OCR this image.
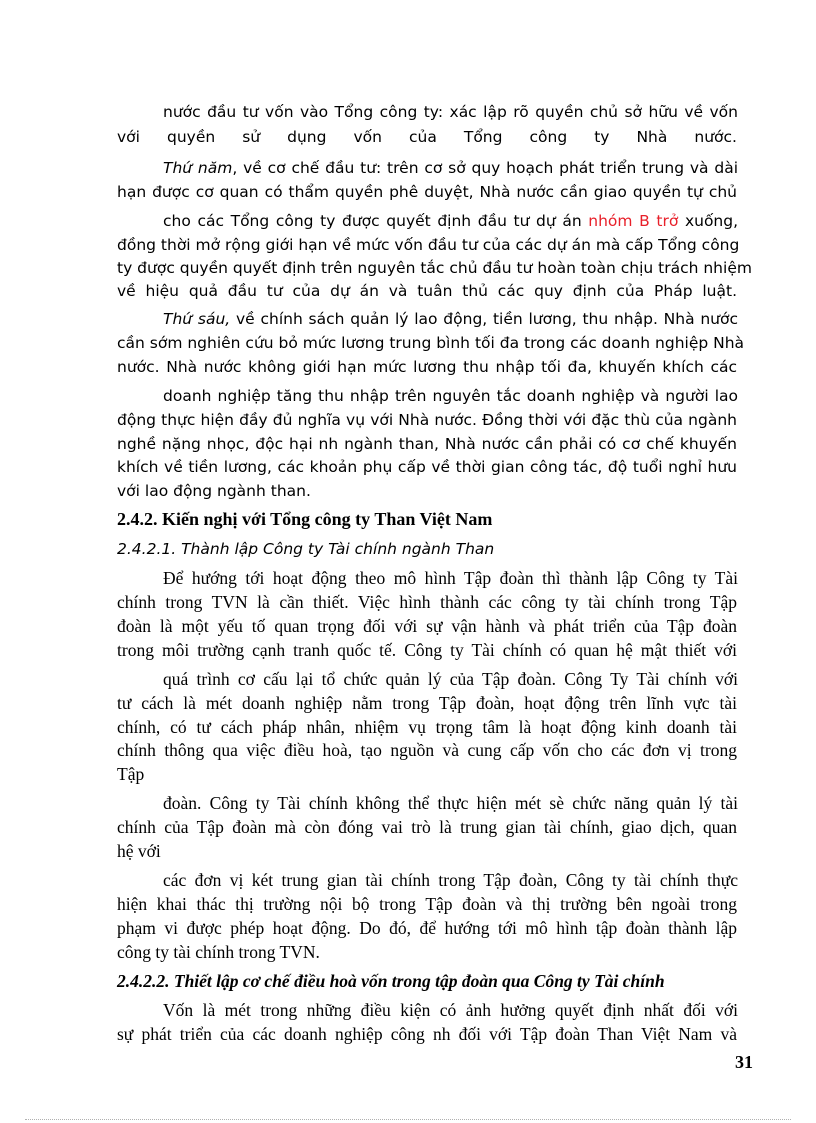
nước đầu tư vốn vào Tổng công ty: xác lập rõ quyền chủ sở hữu về vốn

với quyền sử dụng vốn của Tổng công ty Nhà nước.

Thứ năm, về cơ chế đầu tư: trên cơ sở quy hoạch phát triển trung và dài

hạn được cơ quan có thẩm quyền phê duyệt, Nhà nước cần giao quyền tự chủ

cho các Tổng công ty được quyết định đầu tư dự án nhóm B trở xuống,

đồng thời mở rộng giới hạn về mức vốn đầu tư của các dự án mà cấp Tổng công

ty được quyền quyết định trên nguyên tắc chủ đầu tư hoàn toàn chịu trách nhiệm

về hiệu quả đầu tư của dự án và tuân thủ các quy định của Pháp luật.

Thứ sáu, về chính sách quản lý lao động, tiền lương, thu nhập. Nhà nước

cần sớm nghiên cứu bỏ mức lương trung bình tối đa trong các doanh nghiệp Nhà

nước. Nhà nước không giới hạn mức lương thu nhập tối đa, khuyến khích các

doanh nghiệp tăng thu nhập trên nguyên tắc doanh nghiệp và người lao

động thực hiện đầy đủ nghĩa vụ với Nhà nước. Đồng thời với đặc thù của ngành

nghề nặng nhọc, độc hại nh ngành than, Nhà nước cần phải có cơ chế khuyến

khích về tiền lương, các khoản phụ cấp về thời gian công tác, độ tuổi nghỉ hưu

với lao động ngành than.

2.4.2. Kiến nghị với Tổng công ty Than Việt Nam

2.4.2.1. Thành lập Công ty Tài chính ngành Than

Để hướng tới hoạt động theo mô hình Tập đoàn thì thành lập Công ty Tài

chính trong TVN là cần thiết. Việc hình thành các công ty tài chính trong Tập

đoàn là một yếu tố quan trọng đối với sự vận hành và phát triển của Tập đoàn

trong môi trường cạnh tranh quốc tế. Công ty Tài chính có quan hệ mật thiết với

quá trình cơ cấu lại tổ chức quản lý của Tập đoàn. Công Ty Tài chính với

tư cách là mét doanh nghiệp nằm trong Tập đoàn, hoạt động trên lĩnh vực tài

chính, có tư cách pháp nhân, nhiệm vụ trọng tâm là hoạt động kinh doanh tài

chính thông qua việc điều hoà, tạo nguồn và cung cấp vốn cho các đơn vị trong

Tập

đoàn. Công ty Tài chính không thể thực hiện mét sè chức năng quản lý tài

chính của Tập đoàn mà còn đóng vai trò là trung gian tài chính, giao dịch, quan

hệ với

các đơn vị két trung gian tài chính trong Tập đoàn, Công ty tài chính thực

hiện khai thác thị trường nội bộ trong Tập đoàn và thị trường bên ngoài trong

phạm vi được phép hoạt động. Do đó, để hướng tới mô hình tập đoàn thành lập

công ty tài chính trong TVN.

2.4.2.2. Thiết lập cơ chế điều hoà vốn trong tập đoàn qua Công ty Tài chính

Vốn là mét trong những điều kiện có ảnh hưởng quyết định nhất đối với

sự phát triển của các doanh nghiệp công nh đối với Tập đoàn Than Việt Nam và

31
